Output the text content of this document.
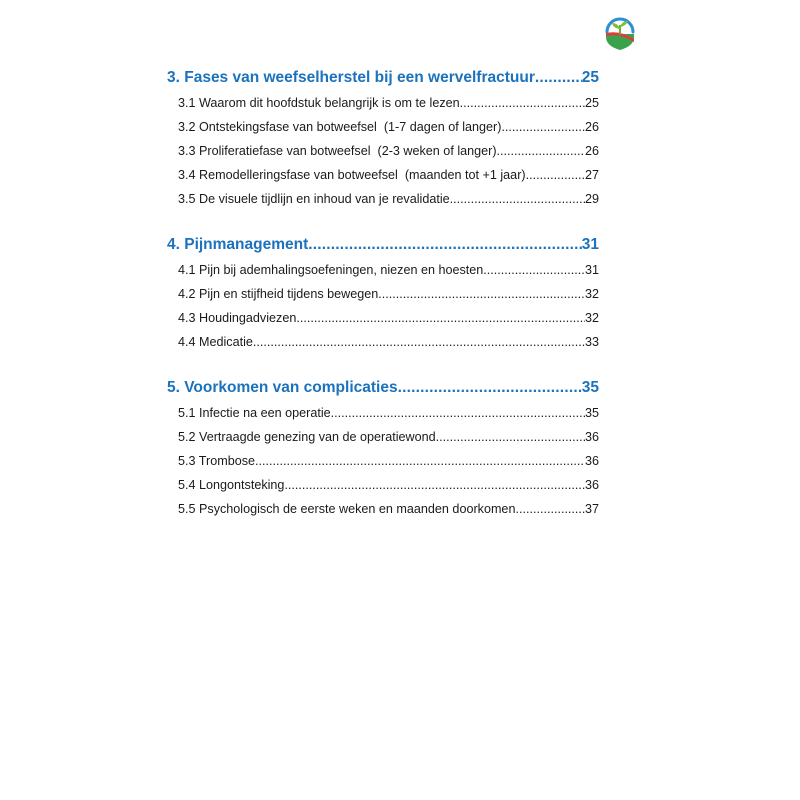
3. Fases van weefselherstel bij een wervelfractuur .....	25
3.1 Waarom dit hoofdstuk belangrijk is om te lezen .....	25
3.2 Ontstekingsfase van botweefsel  (1-7 dagen of langer) .....	26
3.3 Proliferatiefase van botweefsel  (2-3 weken of langer) .....	26
3.4 Remodelleringsfase van botweefsel  (maanden tot +1 jaar) .....	27
3.5 De visuele tijdlijn en inhoud van je revalidatie .....	29
4. Pijnmanagement .....	31
4.1 Pijn bij ademhalingsoefeningen, niezen en hoesten .....	31
4.2 Pijn en stijfheid tijdens bewegen .....	32
4.3 Houdingadviezen .....	32
4.4 Medicatie .....	33
5. Voorkomen van complicaties .....	35
5.1 Infectie na een operatie .....	35
5.2 Vertraagde genezing van de operatiewond .....	36
5.3 Trombose .....	36
5.4 Longontsteking .....	36
5.5 Psychologisch de eerste weken en maanden doorkomen .....	37
